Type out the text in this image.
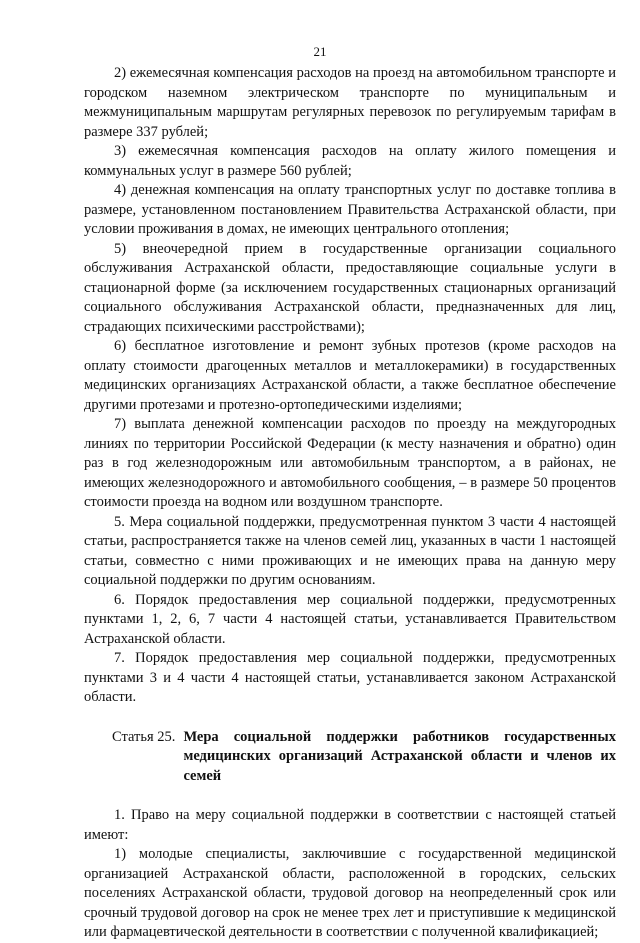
21

2) ежемесячная компенсация расходов на проезд на автомобильном транспорте и городском наземном электрическом транспорте по муниципальным и межмуниципальным маршрутам регулярных перевозок по регулируемым тарифам в размере 337 рублей;

3) ежемесячная компенсация расходов на оплату жилого помещения и коммунальных услуг в размере 560 рублей;

4) денежная компенсация на оплату транспортных услуг по доставке топлива в размере, установленном постановлением Правительства Астраханской области, при условии проживания в домах, не имеющих центрального отопления;

5) внеочередной прием в государственные организации социального обслуживания Астраханской области, предоставляющие социальные услуги в стационарной форме (за исключением государственных стационарных организаций социального обслуживания Астраханской области, предназначенных для лиц, страдающих психическими расстройствами);

6) бесплатное изготовление и ремонт зубных протезов (кроме расходов на оплату стоимости драгоценных металлов и металлокерамики) в государственных медицинских организациях Астраханской области, а также бесплатное обеспечение другими протезами и протезно-ортопедическими изделиями;

7) выплата денежной компенсации расходов по проезду на междугородных линиях по территории Российской Федерации (к месту назначения и обратно) один раз в год железнодорожным или автомобильным транспортом, а в районах, не имеющих железнодорожного и автомобильного сообщения, – в размере 50 процентов стоимости проезда на водном или воздушном транспорте.

5. Мера социальной поддержки, предусмотренная пунктом 3 части 4 настоящей статьи, распространяется также на членов семей лиц, указанных в части 1 настоящей статьи, совместно с ними проживающих и не имеющих права на данную меру социальной поддержки по другим основаниям.

6. Порядок предоставления мер социальной поддержки, предусмотренных пунктами 1, 2, 6, 7 части 4 настоящей статьи, устанавливается Правительством Астраханской области.

7. Порядок предоставления мер социальной поддержки, предусмотренных пунктами 3 и 4 части 4 настоящей статьи, устанавливается законом Астраханской области.

Статья 25. Мера социальной поддержки работников государственных медицинских организаций Астраханской области и членов их семей

1. Право на меру социальной поддержки в соответствии с настоящей статьей имеют:

1) молодые специалисты, заключившие с государственной медицинской организацией Астраханской области, расположенной в городских, сельских поселениях Астраханской области, трудовой договор на неопределенный срок или срочный трудовой договор на срок не менее трех лет и приступившие к медицинской или фармацевтической деятельности в соответствии с полученной квалификацией;
